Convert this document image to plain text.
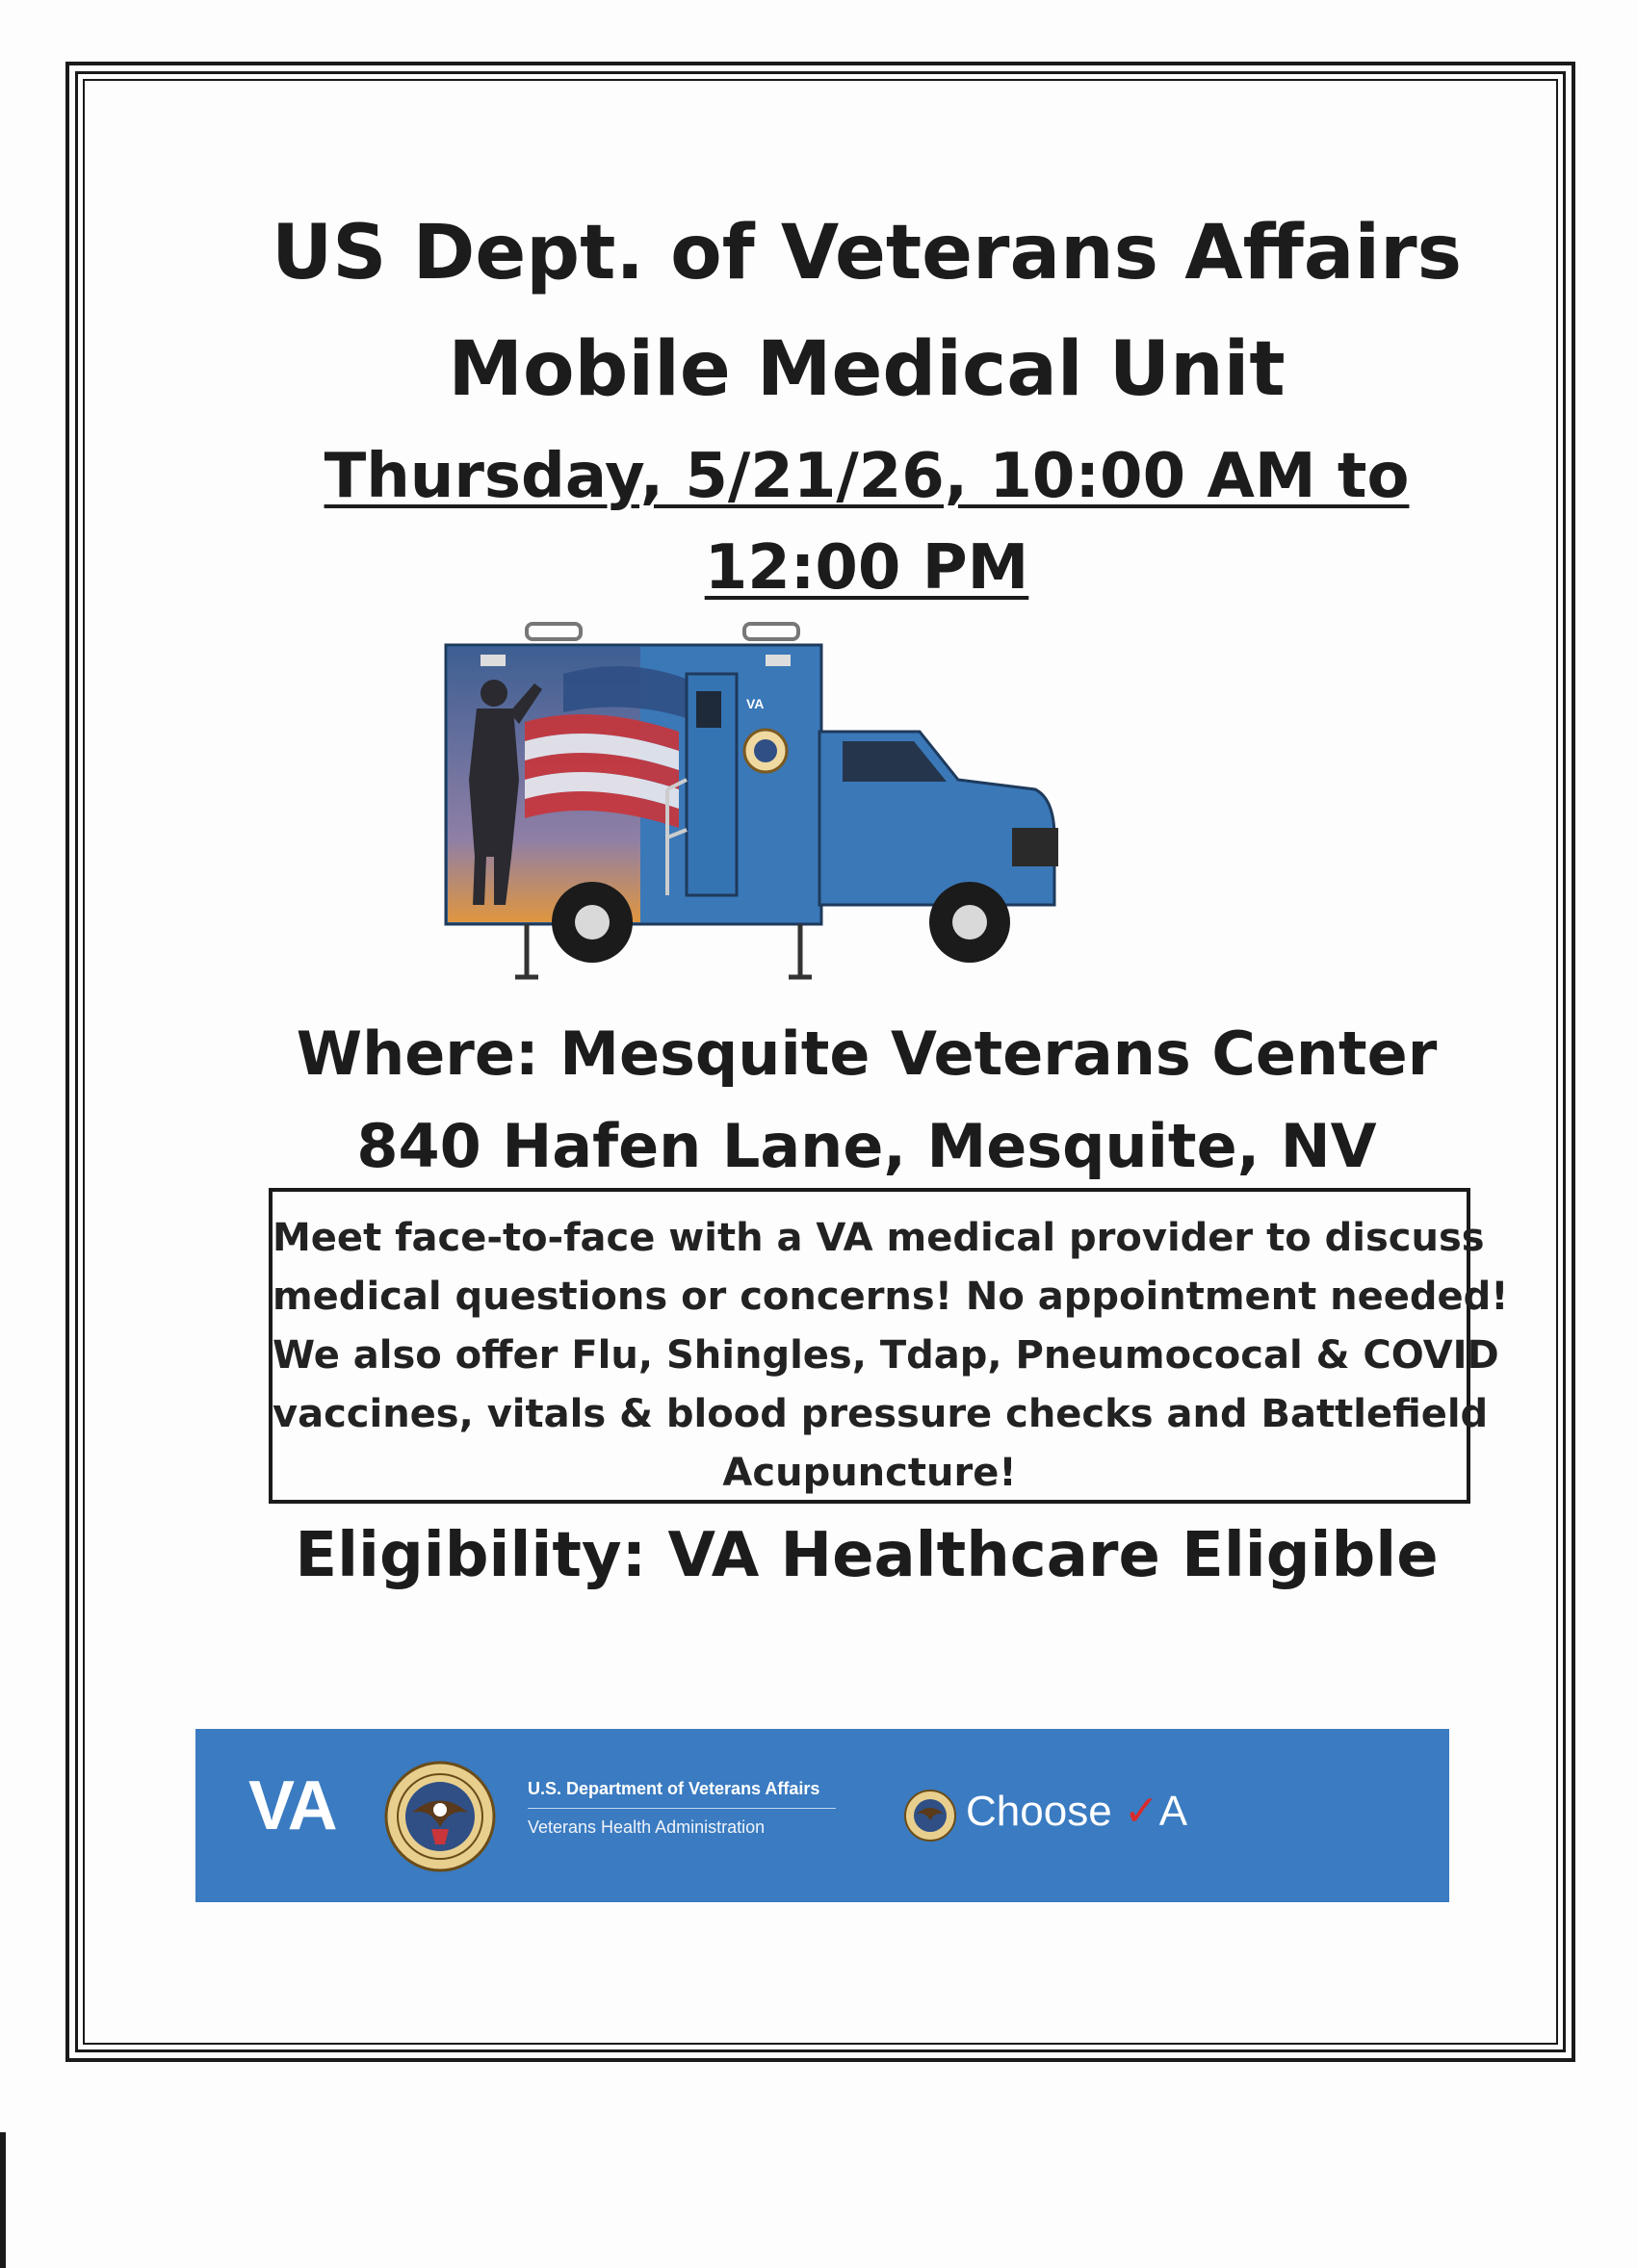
US Dept. of Veterans Affairs
Mobile Medical Unit
Thursday, 5/21/26, 10:00 AM to
12:00 PM
VA
Where: Mesquite Veterans Center
840 Hafen Lane, Mesquite, NV
Meet face-to-face with a VA medical provider to discuss
medical questions or concerns! No appointment needed!
We also offer Flu, Shingles, Tdap, Pneumococal & COVID
vaccines, vitals & blood pressure checks and Battlefield
Acupuncture!
Eligibility: VA Healthcare Eligible
VA	U.S. Department of Veterans Affairs
Veterans Health Administration	Choose ✓A
